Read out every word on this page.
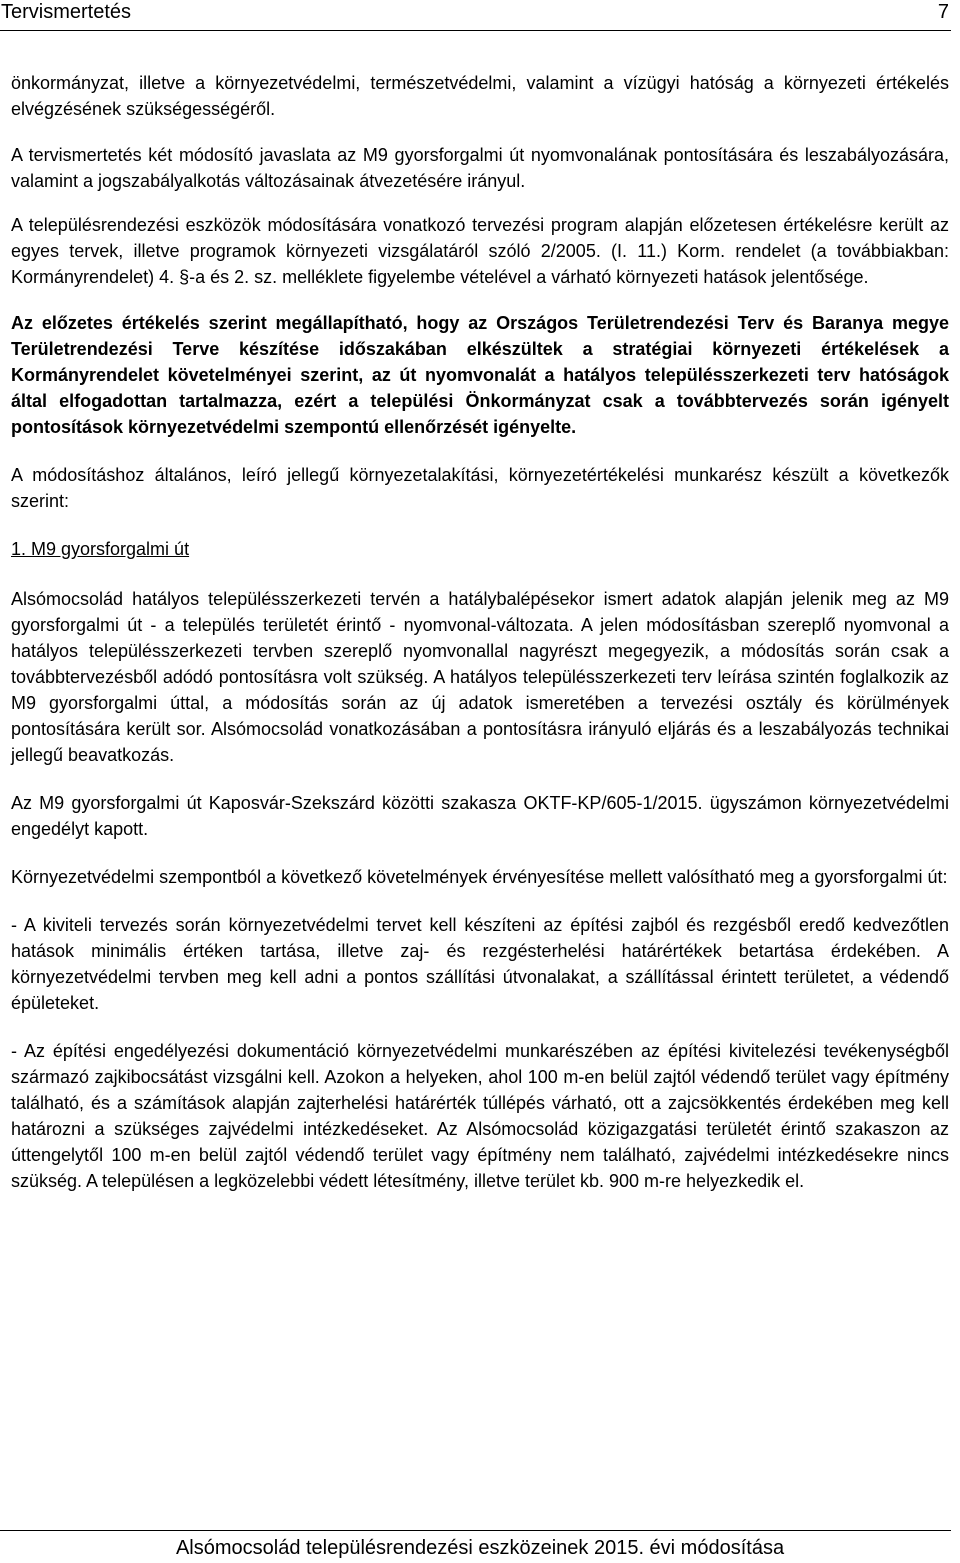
Tervismertetés	7

önkormányzat, illetve a környezetvédelmi, természetvédelmi, valamint a vízügyi hatóság a környezeti értékelés elvégzésének szükségességéről.

A tervismertetés két módosító javaslata az M9 gyorsforgalmi út nyomvonalának pontosítására és leszabályozására, valamint a jogszabályalkotás változásainak átvezetésére irányul.

A településrendezési eszközök módosítására vonatkozó tervezési program alapján előzetesen értékelésre került az egyes tervek, illetve programok környezeti vizsgálatáról szóló 2/2005. (I. 11.) Korm. rendelet (a továbbiakban: Kormányrendelet) 4. §-a és 2. sz. melléklete figyelembe vételével a várható környezeti hatások jelentősége.

Az előzetes értékelés szerint megállapítható, hogy az Országos Területrendezési Terv és Baranya megye Területrendezési Terve készítése időszakában elkészültek a stratégiai környezeti értékelések a Kormányrendelet követelményei szerint, az út nyomvonalát a hatályos településszerkezeti terv hatóságok által elfogadottan tartalmazza, ezért a települési Önkormányzat csak a továbbtervezés során igényelt pontosítások környezetvédelmi szempontú ellenőrzését igényelte.

A módosításhoz általános, leíró jellegű környezetalakítási, környezetértékelési munkarész készült a következők szerint:

1. M9 gyorsforgalmi út

Alsómocsolád hatályos településszerkezeti tervén a hatálybalépésekor ismert adatok alapján jelenik meg az M9 gyorsforgalmi út - a település területét érintő - nyomvonal-változata. A jelen módosításban szereplő nyomvonal a hatályos településszerkezeti tervben szereplő nyomvonallal nagyrészt megegyezik, a módosítás során csak a továbbtervezésből adódó pontosításra volt szükség. A hatályos településszerkezeti terv leírása szintén foglalkozik az M9 gyorsforgalmi úttal, a módosítás során az új adatok ismeretében a tervezési osztály és körülmények pontosítására került sor. Alsómocsolád vonatkozásában a pontosításra irányuló eljárás és a leszabályozás technikai jellegű beavatkozás.

Az M9 gyorsforgalmi út Kaposvár-Szekszárd közötti szakasza OKTF-KP/605-1/2015. ügyszámon környezetvédelmi engedélyt kapott.

Környezetvédelmi szempontból a következő követelmények érvényesítése mellett valósítható meg a gyorsforgalmi út:

- A kiviteli tervezés során környezetvédelmi tervet kell készíteni az építési zajból és rezgésből eredő kedvezőtlen hatások minimális értéken tartása, illetve zaj- és rezgésterhelési határértékek betartása érdekében. A környezetvédelmi tervben meg kell adni a pontos szállítási útvonalakat, a szállítással érintett területet, a védendő épületeket.

- Az építési engedélyezési dokumentáció környezetvédelmi munkarészében az építési kivitelezési tevékenységből származó zajkibocsátást vizsgálni kell. Azokon a helyeken, ahol 100 m-en belül zajtól védendő terület vagy építmény található, és a számítások alapján zajterhelési határérték túllépés várható, ott a zajcsökkentés érdekében meg kell határozni a szükséges zajvédelmi intézkedéseket. Az Alsómocsolád közigazgatási területét érintő szakaszon az úttengelytől 100 m-en belül zajtól védendő terület vagy építmény nem található, zajvédelmi intézkedésekre nincs szükség. A településen a legközelebbi védett létesítmény, illetve terület kb. 900 m-re helyezkedik el.

Alsómocsolád településrendezési eszközeinek 2015. évi módosítása
